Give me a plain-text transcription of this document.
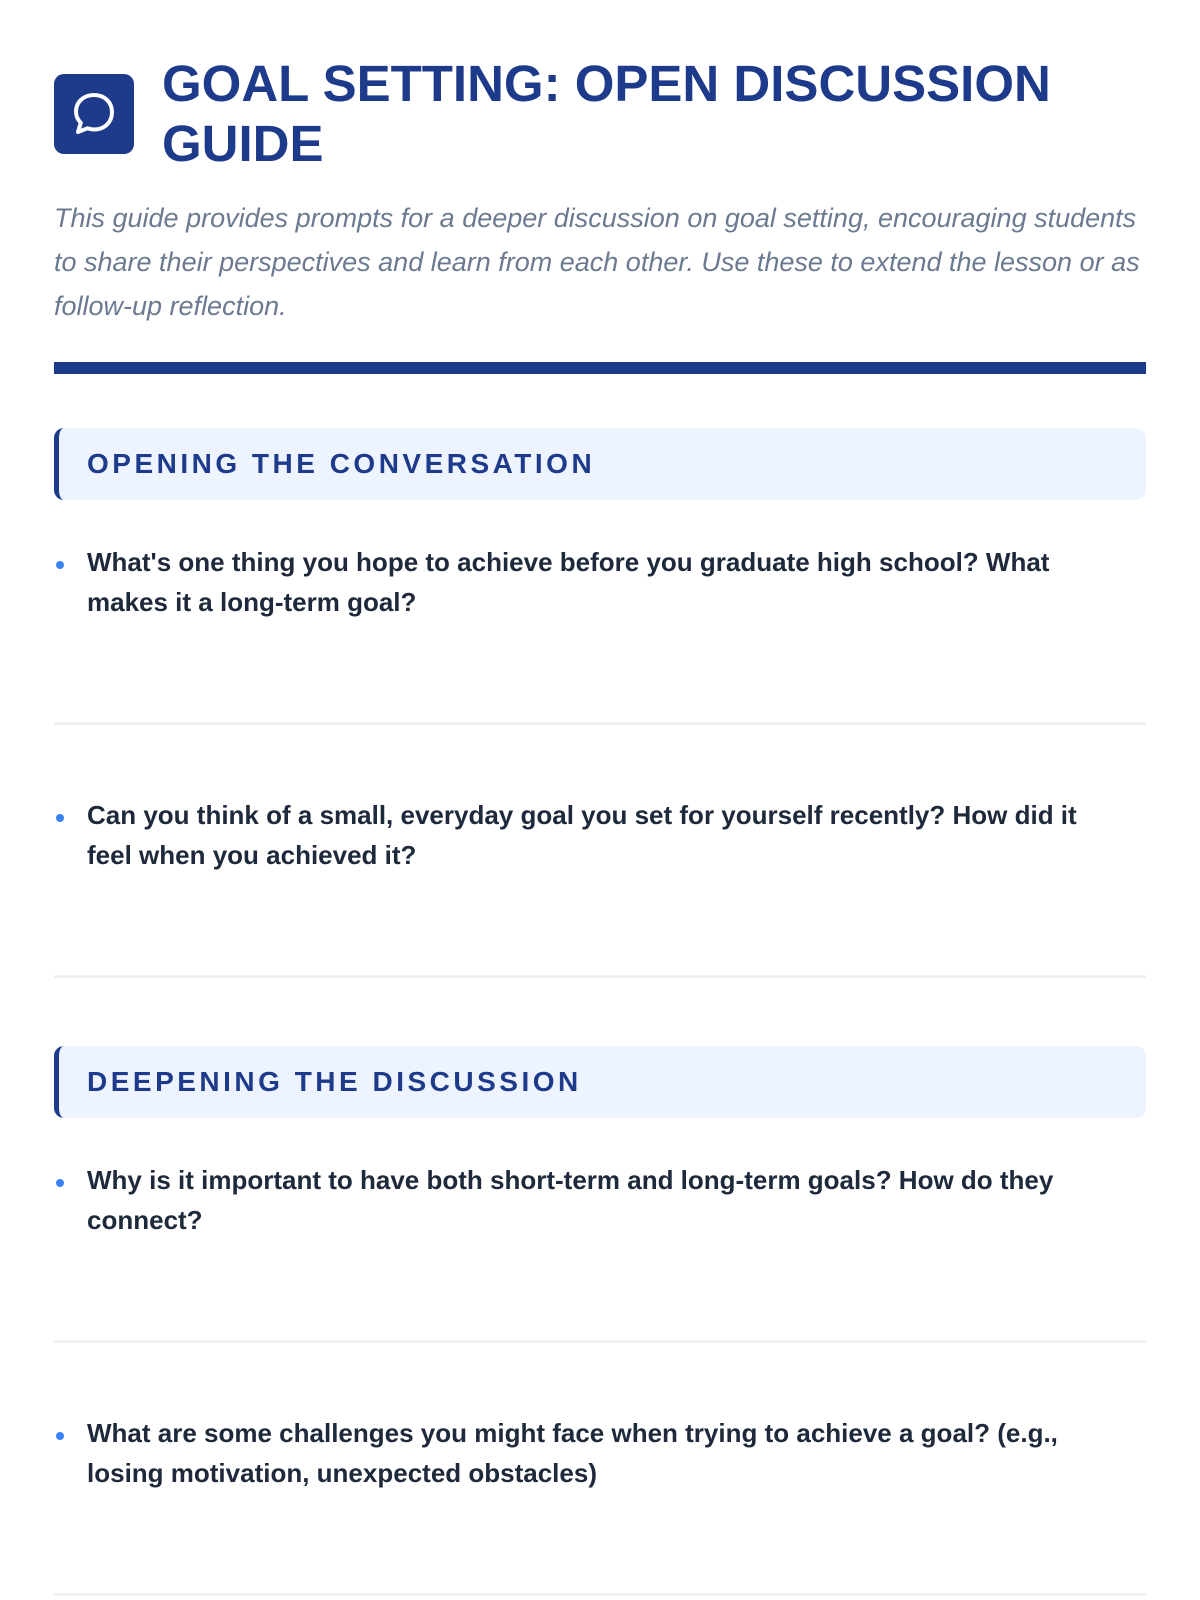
GOAL SETTING: OPEN DISCUSSION GUIDE

This guide provides prompts for a deeper discussion on goal setting, encouraging students to share their perspectives and learn from each other. Use these to extend the lesson or as follow-up reflection.

OPENING THE CONVERSATION
What's one thing you hope to achieve before you graduate high school? What makes it a long-term goal?
Can you think of a small, everyday goal you set for yourself recently? How did it feel when you achieved it?
DEEPENING THE DISCUSSION
Why is it important to have both short-term and long-term goals? How do they connect?
What are some challenges you might face when trying to achieve a goal? (e.g., losing motivation, unexpected obstacles)
